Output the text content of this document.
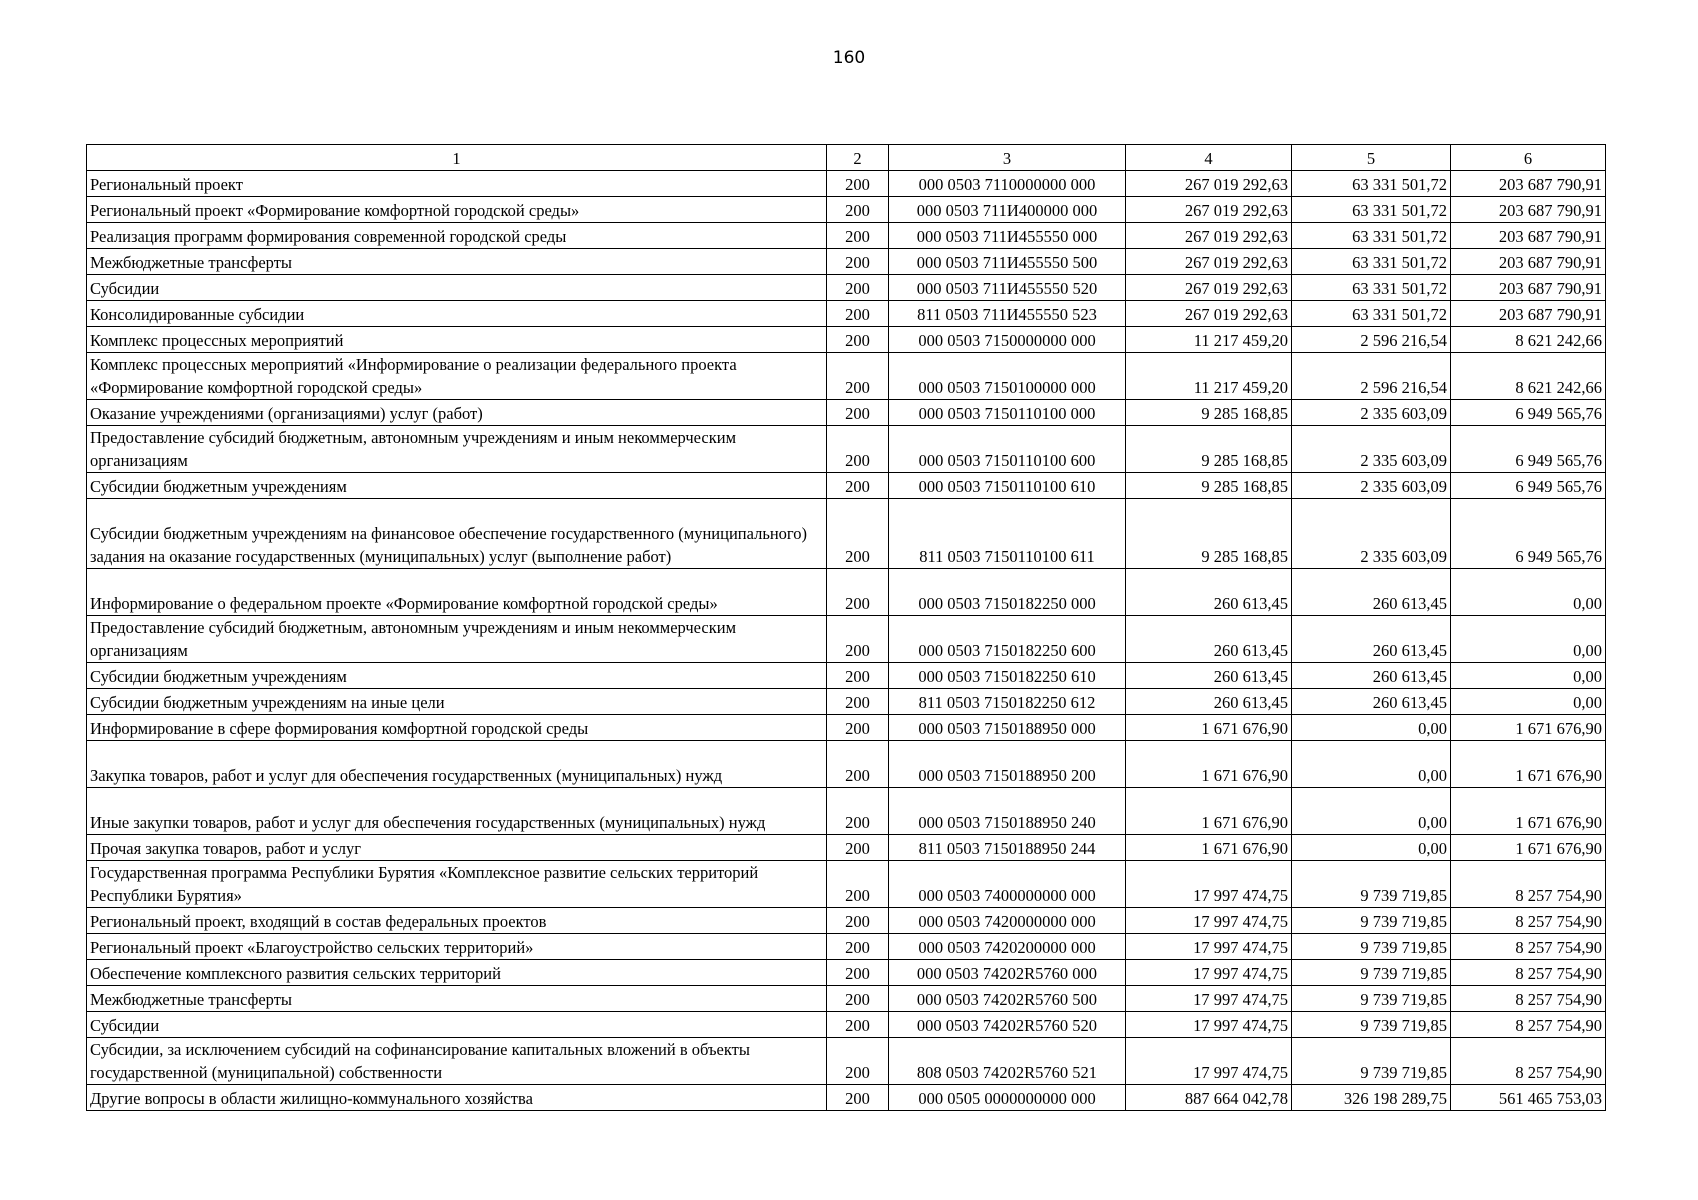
160
1	2	3	4	5	6
Региональный проект	200	000 0503 7110000000 000	267 019 292,63	63 331 501,72	203 687 790,91
Региональный проект «Формирование комфортной городской среды»	200	000 0503 711И400000 000	267 019 292,63	63 331 501,72	203 687 790,91
Реализация программ формирования современной городской среды	200	000 0503 711И455550 000	267 019 292,63	63 331 501,72	203 687 790,91
Межбюджетные трансферты	200	000 0503 711И455550 500	267 019 292,63	63 331 501,72	203 687 790,91
Субсидии	200	000 0503 711И455550 520	267 019 292,63	63 331 501,72	203 687 790,91
Консолидированные субсидии	200	811 0503 711И455550 523	267 019 292,63	63 331 501,72	203 687 790,91
Комплекс процессных мероприятий	200	000 0503 7150000000 000	11 217 459,20	2 596 216,54	8 621 242,66
Комплекс процессных мероприятий «Информирование о реализации федерального проекта «Формирование комфортной городской среды»	200	000 0503 7150100000 000	11 217 459,20	2 596 216,54	8 621 242,66
Оказание учреждениями (организациями) услуг (работ)	200	000 0503 7150110100 000	9 285 168,85	2 335 603,09	6 949 565,76
Предоставление субсидий бюджетным, автономным учреждениям и иным некоммерческим организациям	200	000 0503 7150110100 600	9 285 168,85	2 335 603,09	6 949 565,76
Субсидии бюджетным учреждениям	200	000 0503 7150110100 610	9 285 168,85	2 335 603,09	6 949 565,76
Субсидии бюджетным учреждениям на финансовое обеспечение государственного (муниципального) задания на оказание государственных (муниципальных) услуг (выполнение работ)	200	811 0503 7150110100 611	9 285 168,85	2 335 603,09	6 949 565,76
Информирование о федеральном проекте «Формирование комфортной городской среды»	200	000 0503 7150182250 000	260 613,45	260 613,45	0,00
Предоставление субсидий бюджетным, автономным учреждениям и иным некоммерческим организациям	200	000 0503 7150182250 600	260 613,45	260 613,45	0,00
Субсидии бюджетным учреждениям	200	000 0503 7150182250 610	260 613,45	260 613,45	0,00
Субсидии бюджетным учреждениям на иные цели	200	811 0503 7150182250 612	260 613,45	260 613,45	0,00
Информирование в сфере формирования комфортной городской среды	200	000 0503 7150188950 000	1 671 676,90	0,00	1 671 676,90
Закупка товаров, работ и услуг для обеспечения государственных (муниципальных) нужд	200	000 0503 7150188950 200	1 671 676,90	0,00	1 671 676,90
Иные закупки товаров, работ и услуг для обеспечения государственных (муниципальных) нужд	200	000 0503 7150188950 240	1 671 676,90	0,00	1 671 676,90
Прочая закупка товаров, работ и услуг	200	811 0503 7150188950 244	1 671 676,90	0,00	1 671 676,90
Государственная программа Республики Бурятия «Комплексное развитие сельских территорий Республики Бурятия»	200	000 0503 7400000000 000	17 997 474,75	9 739 719,85	8 257 754,90
Региональный проект, входящий в состав федеральных проектов	200	000 0503 7420000000 000	17 997 474,75	9 739 719,85	8 257 754,90
Региональный проект «Благоустройство сельских территорий»	200	000 0503 7420200000 000	17 997 474,75	9 739 719,85	8 257 754,90
Обеспечение комплексного развития сельских территорий	200	000 0503 74202R5760 000	17 997 474,75	9 739 719,85	8 257 754,90
Межбюджетные трансферты	200	000 0503 74202R5760 500	17 997 474,75	9 739 719,85	8 257 754,90
Субсидии	200	000 0503 74202R5760 520	17 997 474,75	9 739 719,85	8 257 754,90
Субсидии, за исключением субсидий на софинансирование капитальных вложений в объекты государственной (муниципальной) собственности	200	808 0503 74202R5760 521	17 997 474,75	9 739 719,85	8 257 754,90
Другие вопросы в области жилищно-коммунального хозяйства	200	000 0505 0000000000 000	887 664 042,78	326 198 289,75	561 465 753,03
